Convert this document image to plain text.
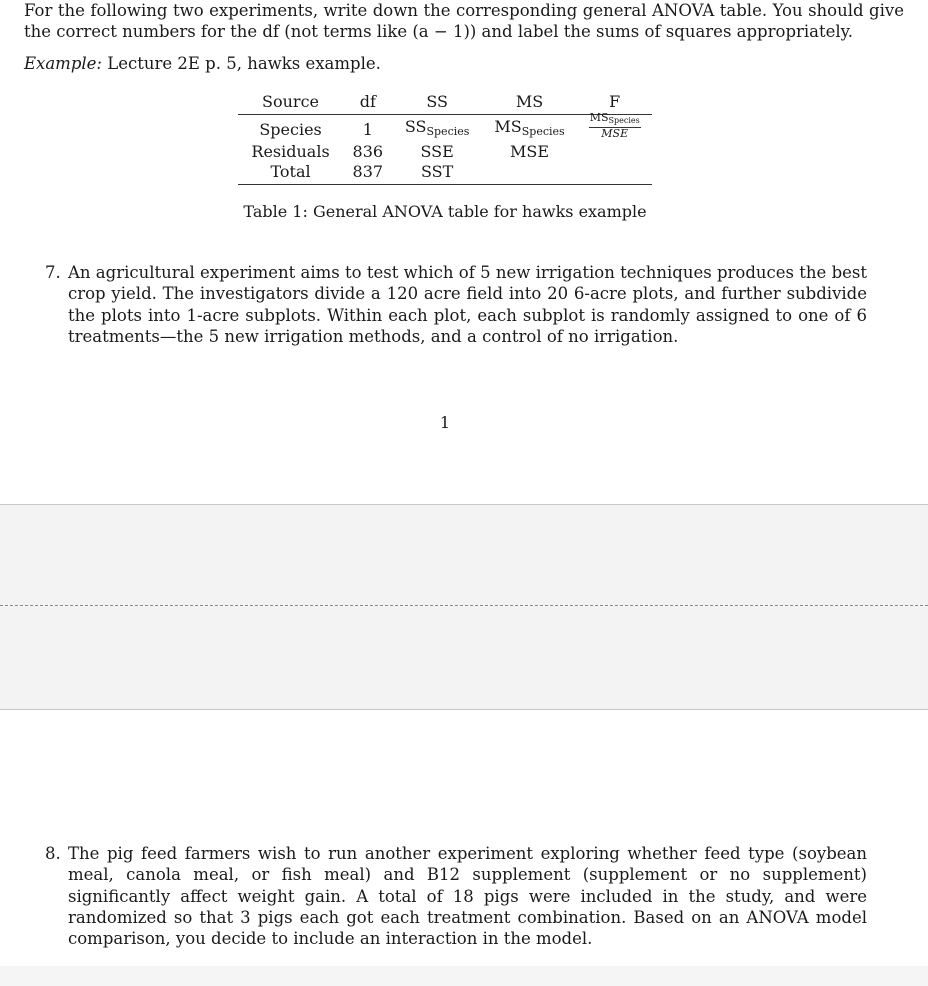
For the following two experiments, write down the corresponding general ANOVA table. You should give the correct numbers for the df (not terms like (a − 1)) and label the sums of squares appropriately.
Example: Lecture 2E p. 5, hawks example.
Source	df	SS	MS	F
Species	1	$SS_{Species}$	$MS_{Species}$	$\frac{\text{MSSpecies}}{\text{MSE}}$

Residuals	836	SSE	MSE	
Total	837	SST		
Table 1: General ANOVA table for hawks example
7. An agricultural experiment aims to test which of 5 new irrigation techniques produces the best crop yield. The investigators divide a 120 acre field into 20 6-acre plots, and further subdivide the plots into 1-acre subplots. Within each plot, each subplot is randomly assigned to one of 6 treatments—the 5 new irrigation methods, and a control of no irrigation.
1
8. The pig feed farmers wish to run another experiment exploring whether feed type (soybean meal, canola meal, or fish meal) and B12 supplement (supplement or no supplement) significantly affect weight gain. A total of 18 pigs were included in the study, and were randomized so that 3 pigs each got each treatment combination. Based on an ANOVA model comparison, you decide to include an interaction in the model.
